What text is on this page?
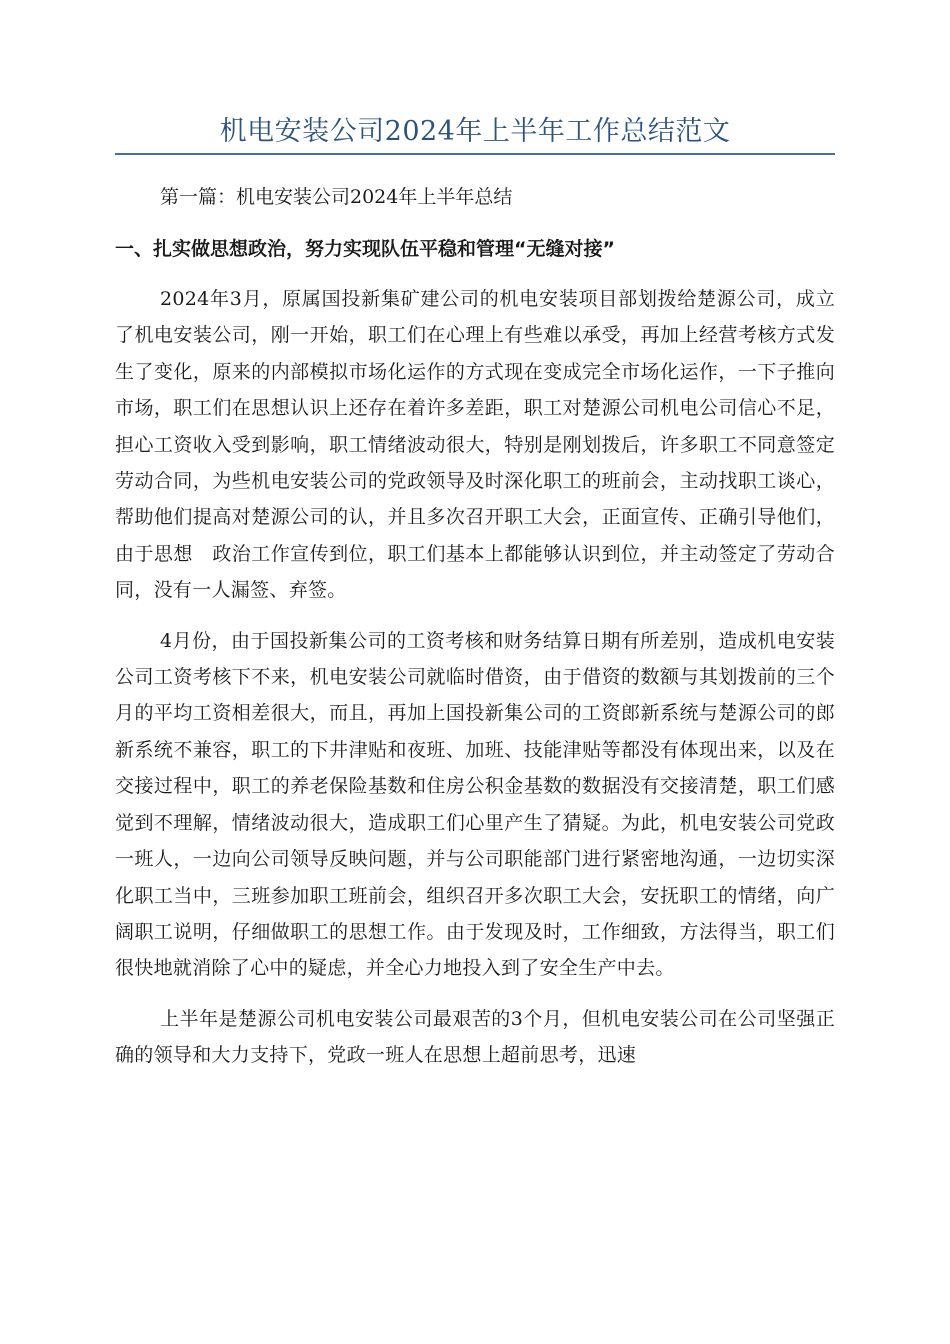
机电安装公司2024年上半年工作总结范文

第一篇：机电安装公司2024年上半年总结

一、扎实做思想政治，努力实现队伍平稳和管理“无缝对接”

2024年3月，原属国投新集矿建公司的机电安装项目部划拨给楚源公司，成立了机电安装公司，刚一开始，职工们在心理上有些难以承受，再加上经营考核方式发生了变化，原来的内部模拟市场化运作的方式现在变成完全市场化运作，一下子推向市场，职工们在思想认识上还存在着许多差距，职工对楚源公司机电公司信心不足，担心工资收入受到影响，职工情绪波动很大，特别是刚划拨后，许多职工不同意签定劳动合同，为些机电安装公司的党政领导及时深化职工的班前会，主动找职工谈心，帮助他们提高对楚源公司的认，并且多次召开职工大会，正面宣传、正确引导他们，由于思想　政治工作宣传到位，职工们基本上都能够认识到位，并主动签定了劳动合同，没有一人漏签、弃签。

4月份，由于国投新集公司的工资考核和财务结算日期有所差别，造成机电安装公司工资考核下不来，机电安装公司就临时借资，由于借资的数额与其划拨前的三个月的平均工资相差很大，而且，再加上国投新集公司的工资郎新系统与楚源公司的郎新系统不兼容，职工的下井津贴和夜班、加班、技能津贴等都没有体现出来，以及在交接过程中，职工的养老保险基数和住房公积金基数的数据没有交接清楚，职工们感觉到不理解，情绪波动很大，造成职工们心里产生了猜疑。为此，机电安装公司党政一班人，一边向公司领导反映问题，并与公司职能部门进行紧密地沟通，一边切实深化职工当中，三班参加职工班前会，组织召开多次职工大会，安抚职工的情绪，向广阔职工说明，仔细做职工的思想工作。由于发现及时，工作细致，方法得当，职工们很快地就消除了心中的疑虑，并全心力地投入到了安全生产中去。

上半年是楚源公司机电安装公司最艰苦的3个月，但机电安装公司在公司坚强正确的领导和大力支持下，党政一班人在思想上超前思考，迅速
